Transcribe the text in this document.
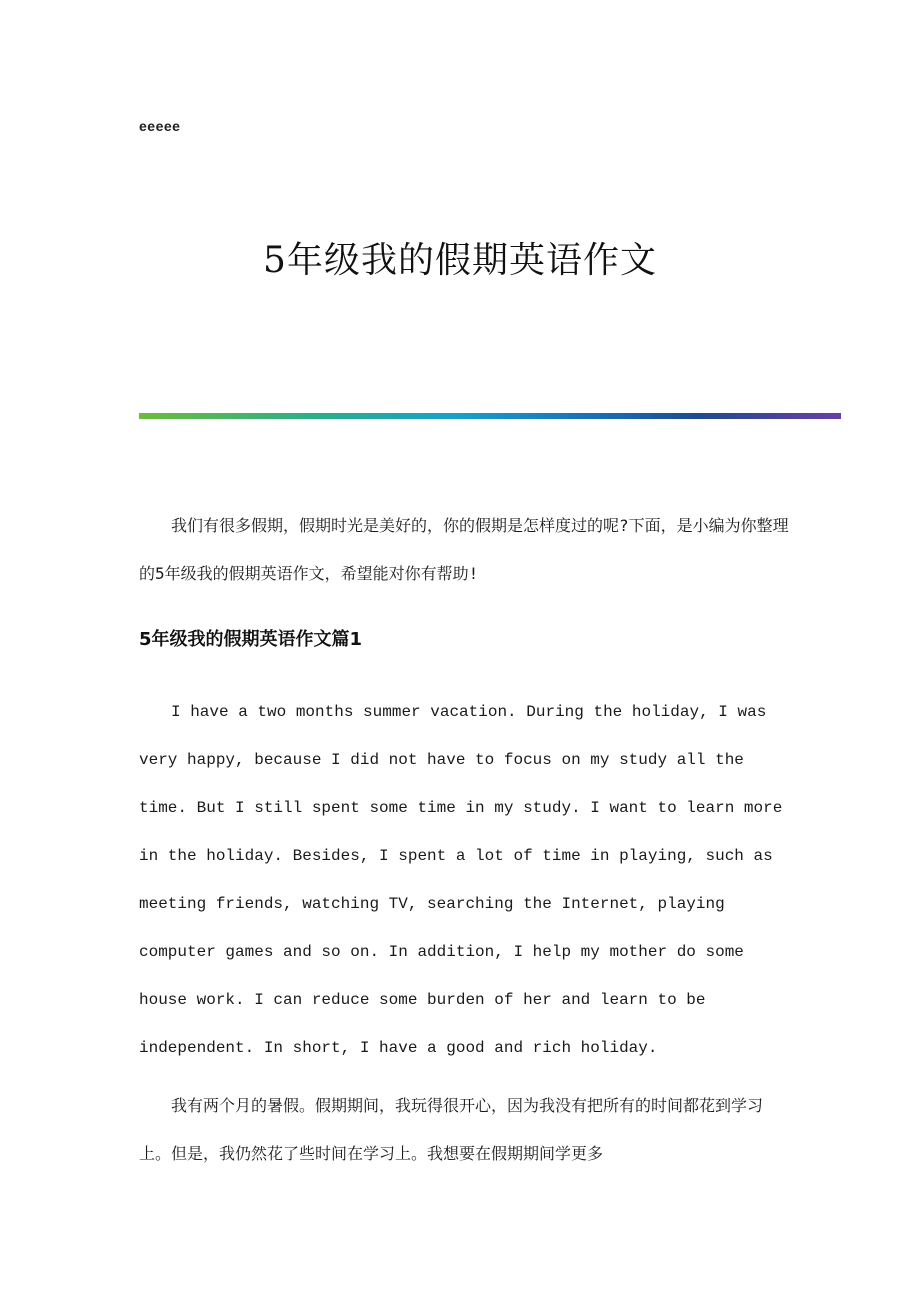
eeeee
5年级我的假期英语作文

我们有很多假期，假期时光是美好的，你的假期是怎样度过的呢?下面，是小编为你整理的5年级我的假期英语作文，希望能对你有帮助!

5年级我的假期英语作文篇1

I have a two months summer vacation. During the holiday, I was very happy, because I did not have to focus on my study all the time. But I still spent some time in my study. I want to learn more in the holiday. Besides, I spent a lot of time in playing, such as meeting friends, watching TV, searching the Internet, playing computer games and so on. In addition, I help my mother do some house work. I can reduce some burden of her and learn to be independent. In short, I have a good and rich holiday.

我有两个月的暑假。假期期间，我玩得很开心，因为我没有把所有的时间都花到学习上。但是，我仍然花了些时间在学习上。我想要在假期期间学更多
